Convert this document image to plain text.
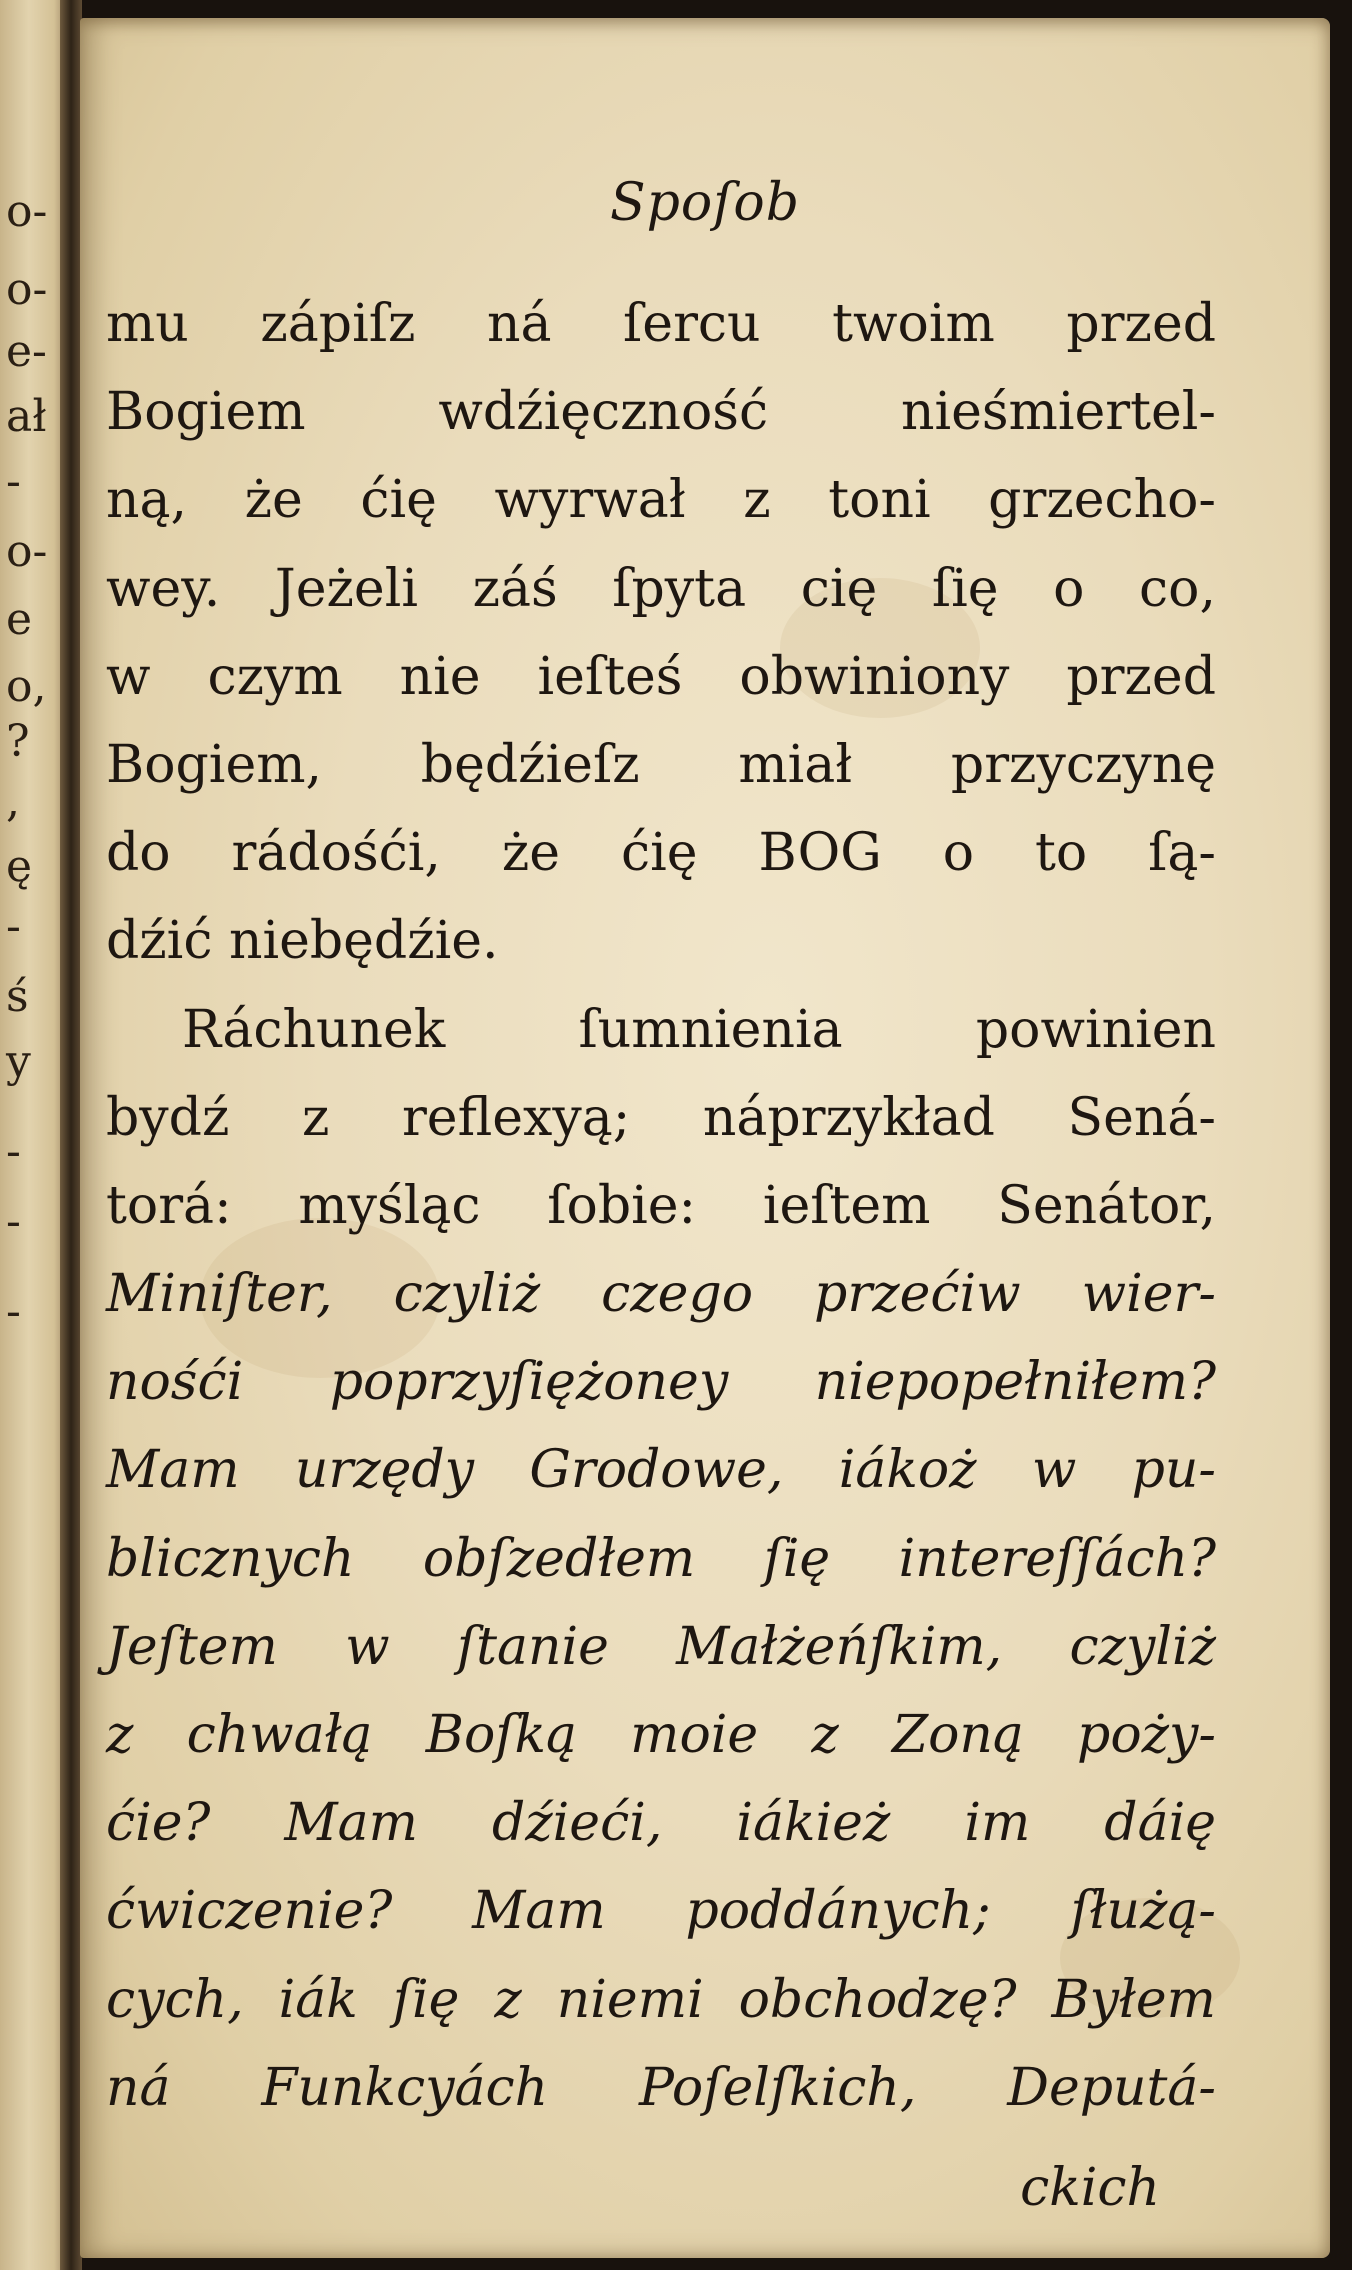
o-
o-
e-
ał
-
o-
e
o,
?
,
ę
-
ś
y
-
-
-
Spoſob
mu zápiſz ná ſercu twoim przed
Bogiem wdźięczność nieśmiertel-
ną, że ćię wyrwał z toni grzecho-
wey. Jeżeli záś ſpyta cię ſię o co,
w czym nie ieſteś obwiniony przed
Bogiem, będźieſz miał przyczynę
do rádośći, że ćię BOG o to ſą-
dźić niebędźie.
Ráchunek ſumnienia powinien
bydź z reflexyą; náprzykład Sená-
torá: myśląc ſobie: ieſtem Senátor,
Miniſter, czyliż czego przećiw wier-
nośći poprzyſiężoney niepopełniłem?
Mam urzędy Grodowe, iákoż w pu-
blicznych obſzedłem ſię intereſſách?
Jeſtem w ſtanie Małżeńſkim, czyliż
z chwałą Boſką moie z Zoną poży-
ćie? Mam dźieći, iákież im dáię
ćwiczenie? Mam poddánych; ſłużą-
cych, iák ſię z niemi obchodzę? Byłem
ná Funkcyách Poſelſkich, Deputá-
ckich
